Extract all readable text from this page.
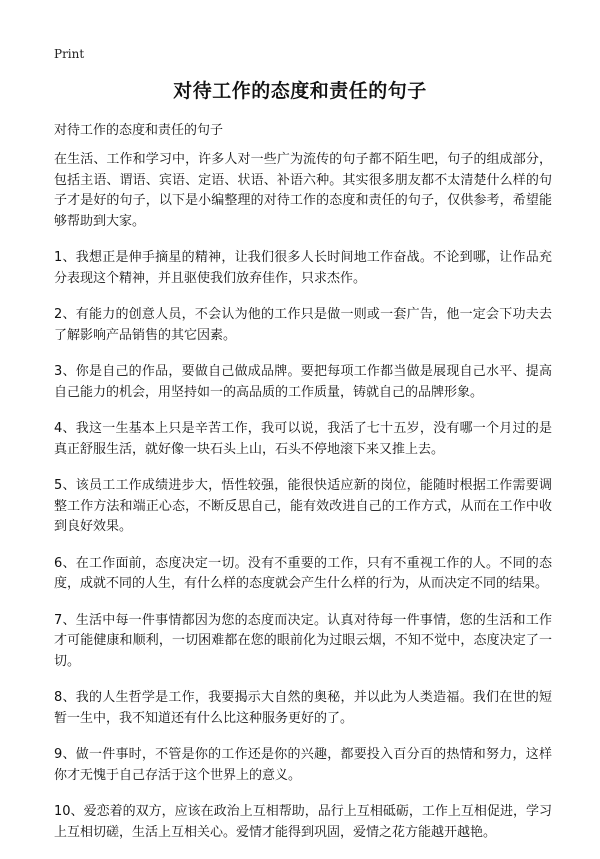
Print
对待工作的态度和责任的句子

对待工作的态度和责任的句子

在生活、工作和学习中，许多人对一些广为流传的句子都不陌生吧，句子的组成部分，包括主语、谓语、宾语、定语、状语、补语六种。其实很多朋友都不太清楚什么样的句子才是好的句子，以下是小编整理的对待工作的态度和责任的句子，仅供参考，希望能够帮助到大家。

1、我想正是伸手摘星的精神，让我们很多人长时间地工作奋战。不论到哪，让作品充分表现这个精神，并且驱使我们放弃佳作，只求杰作。

2、有能力的创意人员，不会认为他的工作只是做一则或一套广告，他一定会下功夫去了解影响产品销售的其它因素。

3、你是自己的作品，要做自己做成品牌。要把每项工作都当做是展现自己水平、提高自己能力的机会，用坚持如一的高品质的工作质量，铸就自己的品牌形象。

4、我这一生基本上只是辛苦工作，我可以说，我活了七十五岁，没有哪一个月过的是真正舒服生活，就好像一块石头上山，石头不停地滚下来又推上去。

5、该员工工作成绩进步大，悟性较强，能很快适应新的岗位，能随时根据工作需要调整工作方法和端正心态，不断反思自己，能有效改进自己的工作方式，从而在工作中收到良好效果。

6、在工作面前，态度决定一切。没有不重要的工作，只有不重视工作的人。不同的态度，成就不同的人生，有什么样的态度就会产生什么样的行为，从而决定不同的结果。

7、生活中每一件事情都因为您的态度而决定。认真对待每一件事情，您的生活和工作才可能健康和顺利，一切困难都在您的眼前化为过眼云烟，不知不觉中，态度决定了一切。

8、我的人生哲学是工作，我要揭示大自然的奥秘，并以此为人类造福。我们在世的短暂一生中，我不知道还有什么比这种服务更好的了。

9、做一件事时，不管是你的工作还是你的兴趣，都要投入百分百的热情和努力，这样你才无愧于自己存活于这个世界上的意义。

10、爱恋着的双方，应该在政治上互相帮助，品行上互相砥砺，工作上互相促进，学习上互相切磋，生活上互相关心。爱情才能得到巩固，爱情之花方能越开越艳。
